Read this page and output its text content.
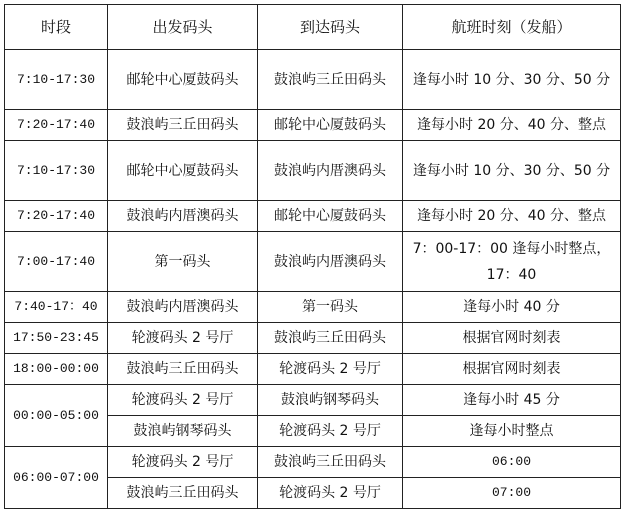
时段	出发码头	到达码头	航班时刻（发船）
7:10-17:30	邮轮中心厦鼓码头	鼓浪屿三丘田码头	逢每小时 10 分、30 分、50 分
7:20-17:40	鼓浪屿三丘田码头	邮轮中心厦鼓码头	逢每小时 20 分、40 分、整点
7:10-17:30	邮轮中心厦鼓码头	鼓浪屿内厝澳码头	逢每小时 10 分、30 分、50 分
7:20-17:40	鼓浪屿内厝澳码头	邮轮中心厦鼓码头	逢每小时 20 分、40 分、整点
7:00-17:40	第一码头	鼓浪屿内厝澳码头	7：00-17：00 逢每小时整点，17：40
7:40-17：40	鼓浪屿内厝澳码头	第一码头	逢每小时 40 分
17:50-23:45	轮渡码头 2 号厅	鼓浪屿三丘田码头	根据官网时刻表
18:00-00:00	鼓浪屿三丘田码头	轮渡码头 2 号厅	根据官网时刻表
00:00-05:00	轮渡码头 2 号厅	鼓浪屿钢琴码头	逢每小时 45 分
	鼓浪屿钢琴码头	轮渡码头 2 号厅	逢每小时整点
06:00-07:00	轮渡码头 2 号厅	鼓浪屿三丘田码头	06:00
	鼓浪屿三丘田码头	轮渡码头 2 号厅	07:00
